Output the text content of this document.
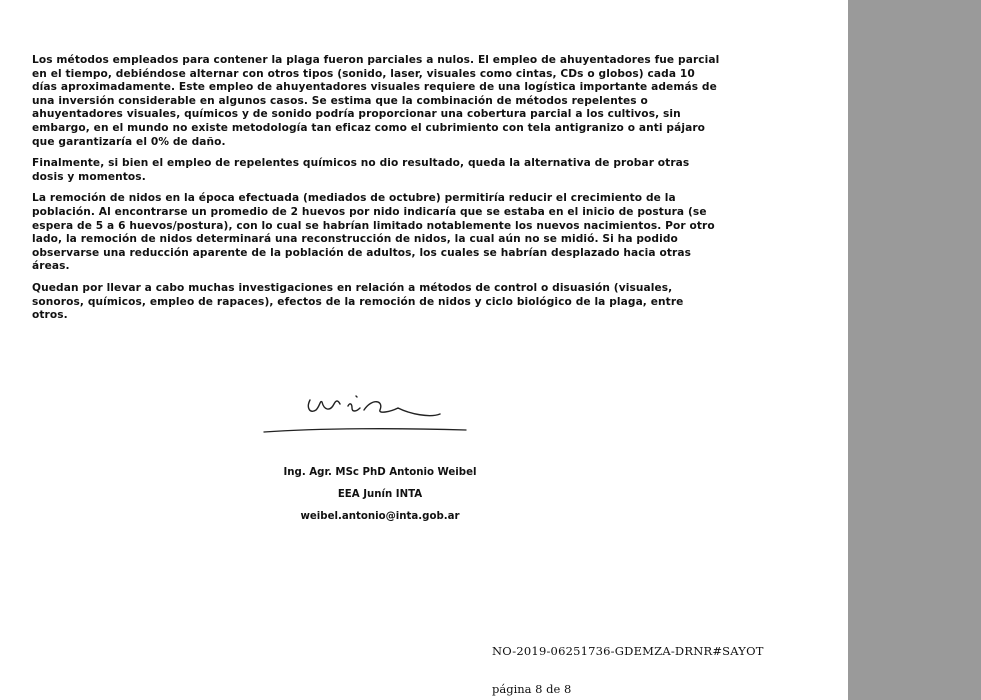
Los métodos empleados para contener la plaga fueron parciales a nulos. El empleo de ahuyentadores fue parcial en el tiempo, debiéndose alternar con otros tipos (sonido, laser, visuales como cintas, CDs o globos) cada 10 días aproximadamente. Este empleo de ahuyentadores visuales requiere de una logística importante además de una inversión considerable en algunos casos. Se estima que la combinación de métodos repelentes o ahuyentadores visuales, químicos y de sonido podría proporcionar una cobertura parcial a los cultivos, sin embargo, en el mundo no existe metodología tan eficaz como el cubrimiento con tela antigranizo o anti pájaro que garantizaría el 0% de daño.

Finalmente, si bien el empleo de repelentes químicos no dio resultado, queda la alternativa de probar otras dosis y momentos.

La remoción de nidos en la época efectuada (mediados de octubre) permitiría reducir el crecimiento de la población. Al encontrarse un promedio de 2 huevos por nido indicaría que se estaba en el inicio de postura (se espera de 5 a 6 huevos/postura), con lo cual se habrían limitado notablemente los nuevos nacimientos. Por otro lado, la remoción de nidos determinará una reconstrucción de nidos, la cual aún no se midió. Si ha podido observarse una reducción aparente de la población de adultos, los cuales se habrían desplazado hacia otras áreas.

Quedan por llevar a cabo muchas investigaciones en relación a métodos de control o disuasión (visuales, sonoros, químicos, empleo de rapaces), efectos de la remoción de nidos y ciclo biológico de la plaga, entre otros.

Ing. Agr. MSc PhD Antonio Weibel
EEA Junín INTA
weibel.antonio@inta.gob.ar
NO-2019-06251736-GDEMZA-DRNR#SAYOT
página 8 de 8
